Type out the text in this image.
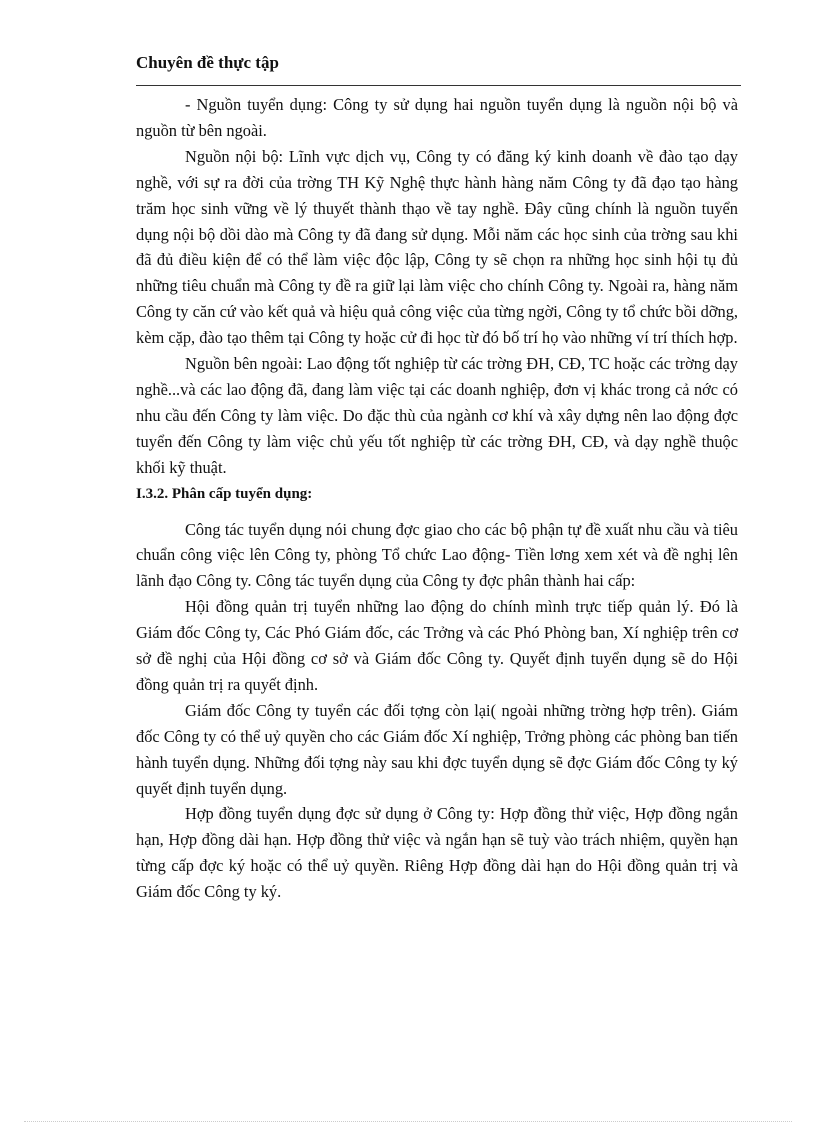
Chuyên đề thực tập

- Nguồn tuyển dụng: Công ty sử dụng hai nguồn tuyển dụng là nguồn nội bộ và nguồn từ bên ngoài.

Nguồn nội bộ: Lĩnh vực dịch vụ, Công ty có đăng ký kinh doanh về đào tạo dạy nghề, với sự ra đời của trờng TH Kỹ Nghệ thực hành hàng năm Công ty đã đạo tạo hàng trăm học sinh vững về lý thuyết thành thạo về tay nghề. Đây cũng chính là nguồn tuyển dụng nội bộ dồi dào mà Công ty đã đang sử dụng. Mỗi năm các học sinh của trờng sau khi đã đủ điều kiện để có thể làm việc độc lập, Công ty sẽ chọn ra những học sinh hội tụ đủ những tiêu chuẩn mà Công ty đề ra giữ lại làm việc cho chính Công ty. Ngoài ra, hàng năm Công ty căn cứ vào kết quả và hiệu quả công việc của từng ngời, Công ty tổ chức bồi dỡng, kèm cặp, đào tạo thêm tại Công ty hoặc cử đi học từ đó bố trí họ vào những ví trí thích hợp.

Nguồn bên ngoài: Lao động tốt nghiệp từ các trờng ĐH, CĐ, TC hoặc các trờng dạy nghề...và các lao động đã, đang làm việc tại các doanh nghiệp, đơn vị khác trong cả nớc có nhu cầu đến Công ty làm việc. Do đặc thù của ngành cơ khí và xây dựng nên lao động đợc tuyển đến Công ty làm việc chủ yếu tốt nghiệp từ các trờng ĐH, CĐ, và dạy nghề thuộc khối kỹ thuật.

I.3.2. Phân cấp tuyển dụng:

Công tác tuyển dụng nói chung đợc giao cho các bộ phận tự đề xuất nhu cầu và tiêu chuẩn công việc lên Công ty, phòng Tổ chức Lao động- Tiền lơng xem xét và đề nghị lên lãnh đạo Công ty. Công tác tuyển dụng của Công ty đợc phân thành hai cấp:

Hội đồng quản trị tuyển những lao động do chính mình trực tiếp quản lý. Đó là Giám đốc Công ty, Các Phó Giám đốc, các Trởng và các Phó Phòng ban, Xí nghiệp trên cơ sở đề nghị của Hội đồng cơ sở và Giám đốc Công ty. Quyết định tuyển dụng sẽ do Hội đồng quản trị ra quyết định.

Giám đốc Công ty tuyển các đối tợng còn lại( ngoài những trờng hợp trên). Giám đốc Công ty có thể uỷ quyền cho các Giám đốc Xí nghiệp, Trởng phòng các phòng ban tiến hành tuyển dụng. Những đối tợng này sau khi đợc tuyển dụng sẽ đợc Giám đốc Công ty ký quyết định tuyển dụng.

Hợp đồng tuyển dụng đợc sử dụng ở Công ty: Hợp đồng thử việc, Hợp đồng ngắn hạn, Hợp đồng dài hạn. Hợp đồng thử việc và ngắn hạn sẽ tuỳ vào trách nhiệm, quyền hạn từng cấp đợc ký hoặc có thể uỷ quyền. Riêng Hợp đồng dài hạn do Hội đồng quản trị và Giám đốc Công ty ký.
